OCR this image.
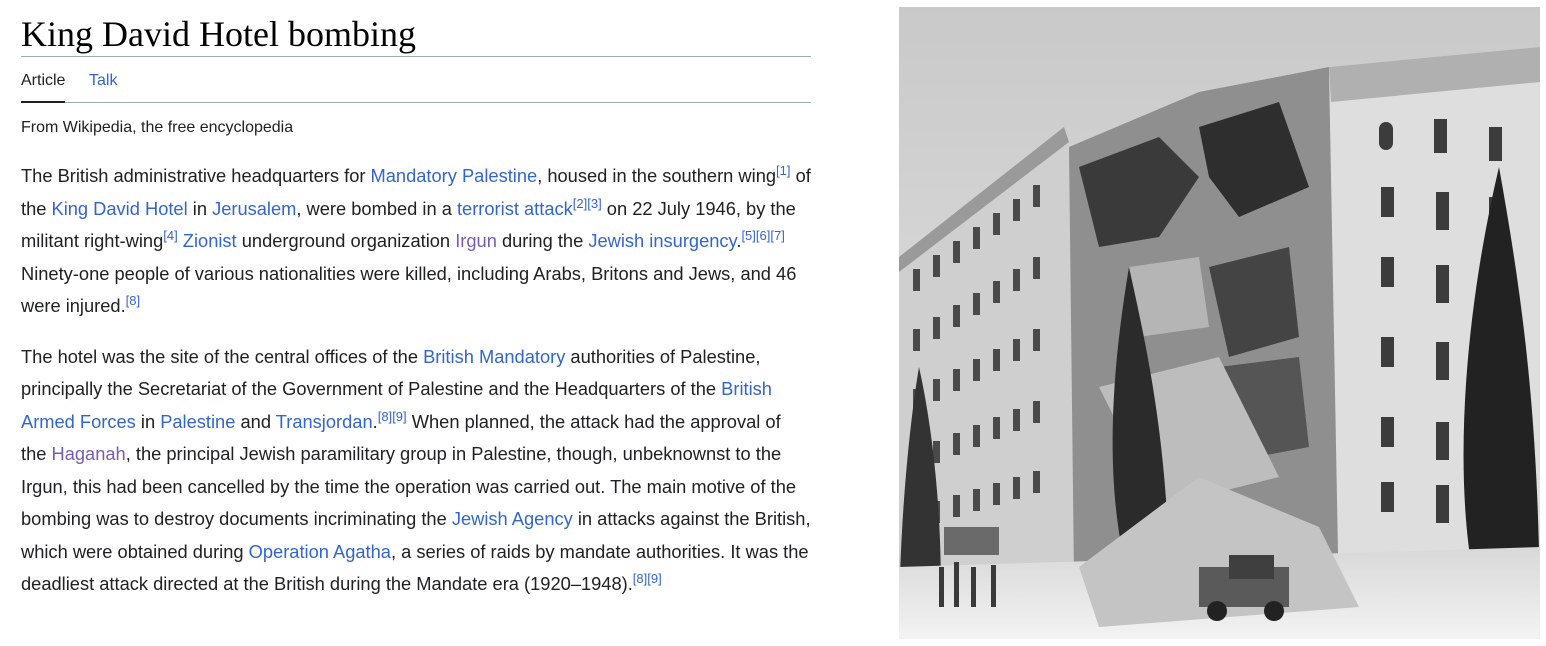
King David Hotel bombing
Article Talk
From Wikipedia, the free encyclopedia

The British administrative headquarters for Mandatory Palestine, housed in the southern wing[1] of the King David Hotel in Jerusalem, were bombed in a terrorist attack[2][3] on 22 July 1946, by the militant right-wing[4] Zionist underground organization Irgun during the Jewish insurgency.[5][6][7] Ninety-one people of various nationalities were killed, including Arabs, Britons and Jews, and 46 were injured.[8]

The hotel was the site of the central offices of the British Mandatory authorities of Palestine, principally the Secretariat of the Government of Palestine and the Headquarters of the British Armed Forces in Palestine and Transjordan.[8][9] When planned, the attack had the approval of the Haganah, the principal Jewish paramilitary group in Palestine, though, unbeknownst to the Irgun, this had been cancelled by the time the operation was carried out. The main motive of the bombing was to destroy documents incriminating the Jewish Agency in attacks against the British, which were obtained during Operation Agatha, a series of raids by mandate authorities. It was the deadliest attack directed at the British during the Mandate era (1920–1948).[8][9]
